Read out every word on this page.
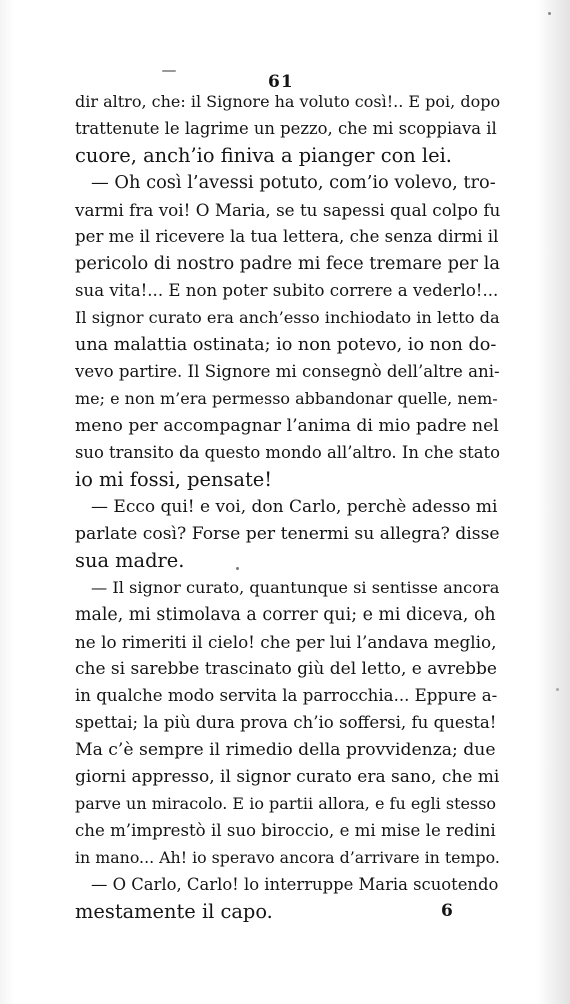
61
dir altro, che: il Signore ha voluto così!.. E poi, dopo
trattenute le lagrime un pezzo, che mi scoppiava il
cuore, anch’io finiva a pianger con lei.
— Oh così l’avessi potuto, com’io volevo, tro-
varmi fra voi! O Maria, se tu sapessi qual colpo fu
per me il ricevere la tua lettera, che senza dirmi il
pericolo di nostro padre mi fece tremare per la
sua vita!... E non poter subito correre a vederlo!...
Il signor curato era anch’esso inchiodato in letto da
una malattia ostinata; io non potevo, io non do-
vevo partire. Il Signore mi consegnò dell’altre ani-
me; e non m’era permesso abbandonar quelle, nem-
meno per accompagnar l’anima di mio padre nel
suo transito da questo mondo all’altro. In che stato
io mi fossi, pensate!
— Ecco qui! e voi, don Carlo, perchè adesso mi
parlate così? Forse per tenermi su allegra? disse
sua madre.
— Il signor curato, quantunque si sentisse ancora
male, mi stimolava a correr qui; e mi diceva, oh
ne lo rimeriti il cielo! che per lui l’andava meglio,
che si sarebbe trascinato giù del letto, e avrebbe
in qualche modo servita la parrocchia... Eppure a-
spettai; la più dura prova ch’io soffersi, fu questa!
Ma c’è sempre il rimedio della provvidenza; due
giorni appresso, il signor curato era sano, che mi
parve un miracolo. E io partii allora, e fu egli stesso
che m’imprestò il suo biroccio, e mi mise le redini
in mano... Ah! io speravo ancora d’arrivare in tempo.
— O Carlo, Carlo! lo interruppe Maria scuotendo
mestamente il capo.	6
